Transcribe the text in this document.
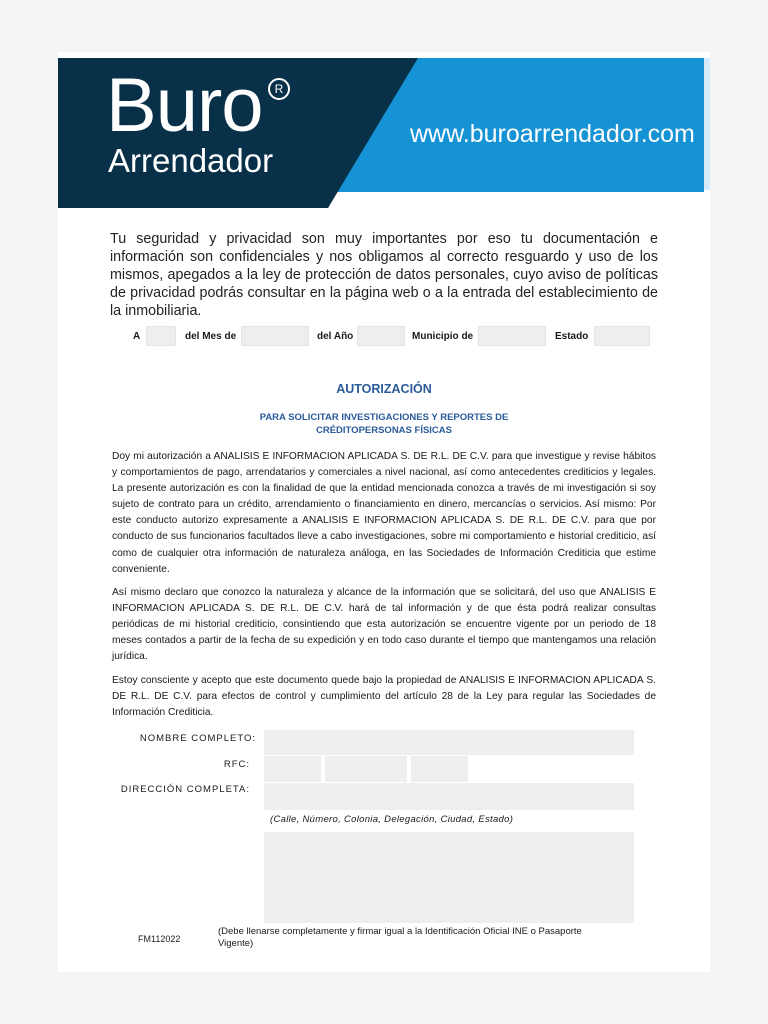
Buro	R
Arrendador
www.buroarrendador.com

Tu seguridad y privacidad son muy importantes por eso tu documentación e información son confidenciales y nos obligamos al correcto resguardo y uso de los mismos, apegados a la ley de protección de datos personales, cuyo aviso de políticas de privacidad podrás consultar en la página web o a la entrada del establecimiento de la inmobiliaria.

A	del Mes de	del Año	Municipio de	Estado
AUTORIZACIÓN
PARA SOLICITAR INVESTIGACIONES Y REPORTES DE CRÉDITOPERSONAS FÍSICAS

Doy mi autorización a ANALISIS E INFORMACION APLICADA S. DE R.L. DE C.V. para que investigue y revise hábitos y comportamientos de pago, arrendatarios y comerciales a nivel nacional, así como antecedentes crediticios y legales. La presente autorización es con la finalidad de que la entidad mencionada conozca a través de mi investigación si soy sujeto de contrato para un crédito, arrendamiento o financiamiento en dinero, mercancías o servicios. Así mismo: Por este conducto autorizo expresamente a ANALISIS E INFORMACION APLICADA S. DE R.L. DE C.V. para que por conducto de sus funcionarios facultados lleve a cabo investigaciones, sobre mi comportamiento e historial crediticio, así como de cualquier otra información de naturaleza análoga, en las Sociedades de Información Crediticia que estime conveniente.

Así mismo declaro que conozco la naturaleza y alcance de la información que se solicitará, del uso que ANALISIS E INFORMACION APLICADA S. DE R.L. DE C.V. hará de tal información y de que ésta podrá realizar consultas periódicas de mi historial crediticio, consintiendo que esta autorización se encuentre vigente por un periodo de 18 meses contados a partir de la fecha de su expedición y en todo caso durante el tiempo que mantengamos una relación jurídica.

Estoy consciente y acepto que este documento quede bajo la propiedad de ANALISIS E INFORMACION APLICADA S. DE R.L. DE C.V. para efectos de control y cumplimiento del artículo 28 de la Ley para regular las Sociedades de Información Crediticia.

NOMBRE COMPLETO:
RFC:
DIRECCIÓN COMPLETA:
(Calle, Número, Colonia, Delegación, Ciudad, Estado)
FM112022
(Debe llenarse completamente y firmar igual a la Identificación Oficial INE o Pasaporte Vigente)
